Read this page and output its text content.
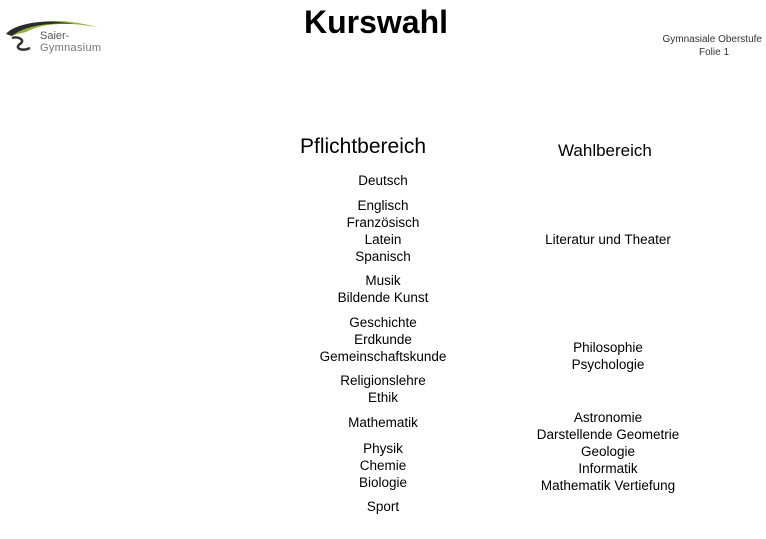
Saier-
Gymnasium
Kurswahl	Gymnasiale Oberstufe
Folie 1
Pflichtbereich	Wahlbereich
Deutsch
Englisch
Französisch
Latein
Spanisch
Musik
Bildende Kunst
Geschichte
Erdkunde
Gemeinschaftskunde
Religionslehre
Ethik
Mathematik
Physik
Chemie
Biologie
Sport
Literatur und Theater
Philosophie
Psychologie
Astronomie
Darstellende Geometrie
Geologie
Informatik
Mathematik Vertiefung
